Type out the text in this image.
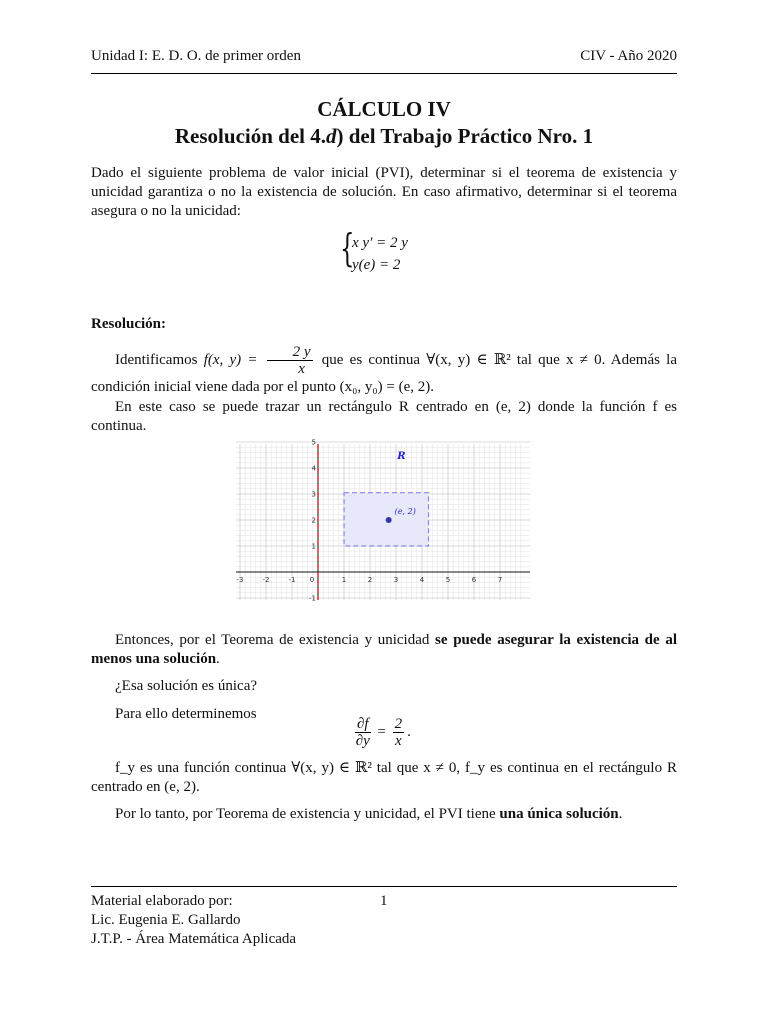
Unidad I: E. D. O. de primer orden	CIV - Año 2020
CÁLCULO IV
Resolución del 4.d) del Trabajo Práctico Nro. 1
Dado el siguiente problema de valor inicial (PVI), determinar si el teorema de existencia y unicidad garantiza o no la existencia de solución. En caso afirmativo, determinar si el teorema asegura o no la unicidad:
{
x y′ = 2 y
y(e) = 2
Resolución:
Identificamos f(x, $y) = \frac{2 y}{x}$ que es continua ∀(x, y) ∈ ℝ² tal que x ≠ 0. Además la condición inicial viene dada por el punto (x₀, y₀) = (e, 2).
En este caso se puede trazar un rectángulo R centrado en (e, 2) donde la función f es continua.
(e, 2)
R
-3	-2	-1 0	1	2	3	4	5	6	7
-1
1
2
3
4
5
Entonces, por el Teorema de existencia y unicidad se puede asegurar la existencia de al menos una solución.
¿Esa solución es única?
Para ello determinemos
$\frac{\partial f}{\partial y} = \frac{2}{x}$ .
f_y es una función continua ∀(x, y) ∈ ℝ² tal que x ≠ 0, f_y es continua en el rectángulo R centrado en (e, 2).
Por lo tanto, por Teorema de existencia y unicidad, el PVI tiene una única solución.
Material elaborado por:
Lic. Eugenia E. Gallardo
J.T.P. - Área Matemática Aplicada
1
